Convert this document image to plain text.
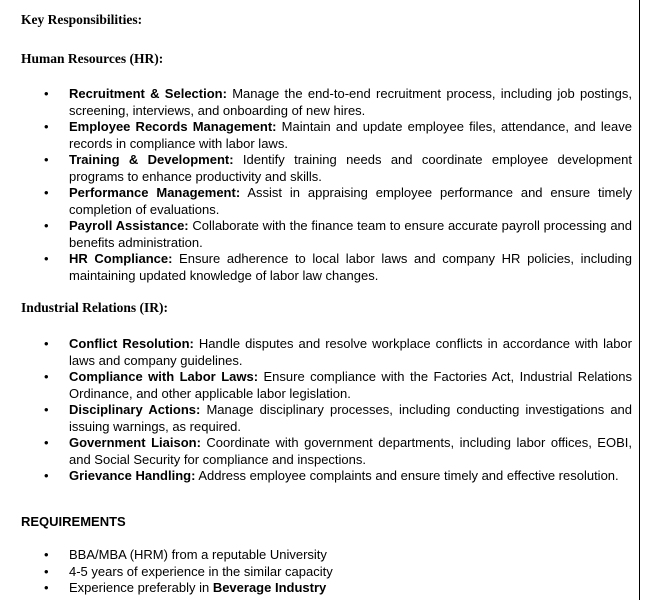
Key Responsibilities:

Human Resources (HR):

• Recruitment & Selection: Manage the end-to-end recruitment process, including job postings, screening, interviews, and onboarding of new hires.
• Employee Records Management: Maintain and update employee files, attendance, and leave records in compliance with labor laws.
• Training & Development: Identify training needs and coordinate employee development programs to enhance productivity and skills.
• Performance Management: Assist in appraising employee performance and ensure timely completion of evaluations.
• Payroll Assistance: Collaborate with the finance team to ensure accurate payroll processing and benefits administration.
• HR Compliance: Ensure adherence to local labor laws and company HR policies, including maintaining updated knowledge of labor law changes.

Industrial Relations (IR):

• Conflict Resolution: Handle disputes and resolve workplace conflicts in accordance with labor laws and company guidelines.
• Compliance with Labor Laws: Ensure compliance with the Factories Act, Industrial Relations Ordinance, and other applicable labor legislation.
• Disciplinary Actions: Manage disciplinary processes, including conducting investigations and issuing warnings, as required.
• Government Liaison: Coordinate with government departments, including labor offices, EOBI, and Social Security for compliance and inspections.
• Grievance Handling: Address employee complaints and ensure timely and effective resolution.
REQUIREMENTS
• BBA/MBA (HRM) from a reputable University
• 4-5 years of experience in the similar capacity
• Experience preferably in Beverage Industry
